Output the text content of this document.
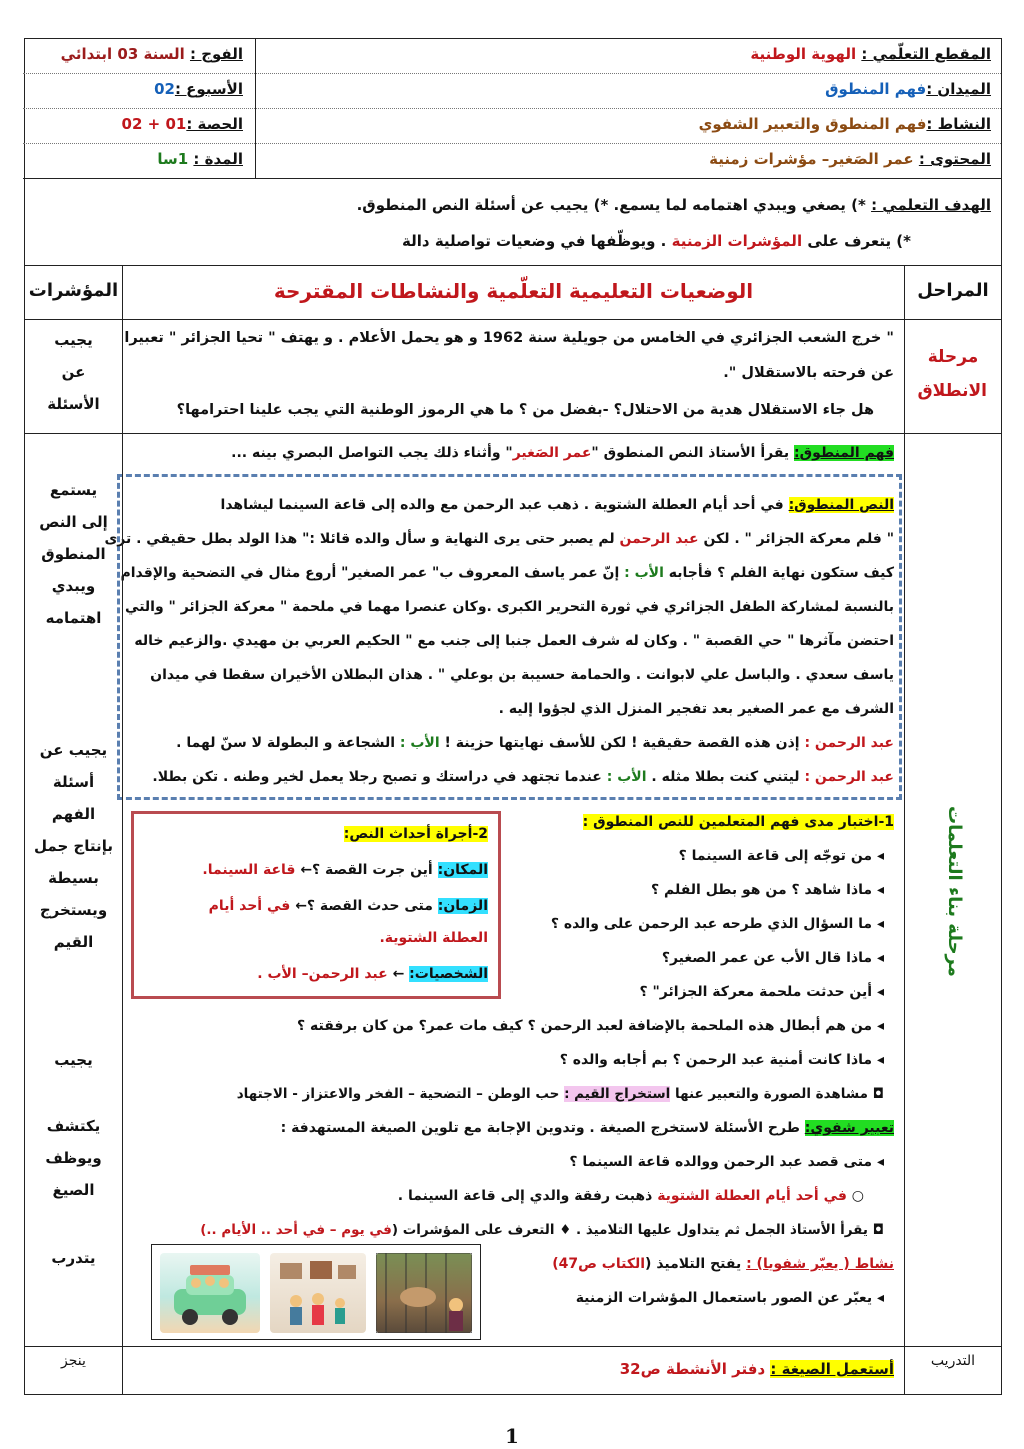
المقطع التعلّمي : الهوية الوطنية
الفوج : السنة 03 ابتدائي
الميدان :فهم المنطوق
الأسبوع :02
النشاط :فهم المنطوق والتعبير الشفوي
الحصة :01 + 02
المحتوى : عمر الصَغير– مؤشرات زمنية
المدة : 1سا
الهدف التعلمي : *) يصغي ويبدي اهتمامه لما يسمع. *) يجيب عن أسئلة النص المنطوق.
*) يتعرف على المؤشرات الزمنية . ويوظّفها في وضعيات تواصلية دالة
المراحل
الوضعيات التعليمية التعلّمية والنشاطات المقترحة
المؤشرات
مرحلة الانطلاق
" خرج الشعب الجزائري في الخامس من جويلية سنة 1962 و هو يحمل الأعلام . و يهتف " تحيا الجزائر " تعبيرا
عن فرحته بالاستقلال ".
هل جاء الاستقلال هدية من الاحتلال؟ -بفضل من ؟ ما هي الرموز الوطنية التي يجب علينا احترامها؟
يجيب عن الأسئلة
مرحلة بناء التعلمات
فهم المنطوق: يقرأ الأستاذ النص المنطوق "عمر الصَغير" وأثناء ذلك يجب التواصل البصري بينه ...
النص المنطوق: في أحد أيام العطلة الشتوية . ذهب عبد الرحمن مع والده إلى قاعة السينما ليشاهدا
" فلم معركة الجزائر " . لكن عبد الرحمن لم يصبر حتى يرى النهاية و سأل والده قائلا :" هذا الولد بطل حقيقي . ترى
كيف ستكون نهاية الفلم ؟ فأجابه الأب : إنّ عمر ياسف المعروف ب" عمر الصغير" أروع مثال في التضحية والإقدام
بالنسبة لمشاركة الطفل الجزائري في ثورة التحرير الكبرى .وكان عنصرا مهما في ملحمة " معركة الجزائر " والتي
احتضن مآثرها " حي القصبة " . وكان له شرف العمل جنبا إلى جنب مع " الحكيم العربي بن مهيدي .والزعيم خاله
ياسف سعدي . والباسل علي لابوانت . والحمامة حسيبة بن بوعلي " . هذان البطلان الأخيران سقطا في ميدان
الشرف مع عمر الصغير بعد تفجير المنزل الذي لجؤوا إليه .
عبد الرحمن : إذن هذه القصة حقيقية ! لكن للأسف نهايتها حزينة ! الأب : الشجاعة و البطولة لا سنّ لهما .
عبد الرحمن : ليتني كنت بطلا مثله . الأب : عندما تجتهد في دراستك و تصبح رجلا يعمل لخير وطنه . تكن بطلا.
1-اختبار مدى فهم المتعلمين للنص المنطوق :
◂ من توجّه إلى قاعة السينما ؟
◂ ماذا شاهد ؟ من هو بطل الفلم ؟
◂ ما السؤال الذي طرحه عبد الرحمن على والده ؟
◂ ماذا قال الأب عن عمر الصغير؟
◂ أين حدثت ملحمة معركة الجزائر" ؟
◂ من هم أبطال هذه الملحمة بالإضافة لعبد الرحمن ؟ كيف مات عمر؟ من كان برفقته ؟
◂ ماذا كانت أمنية عبد الرحمن ؟ بم أجابه والده ؟
◘ مشاهدة الصورة والتعبير عنها استخراج القيم : حب الوطن – التضحية – الفخر والاعتزاز - الاجتهاد
تعبير شفوي: طرح الأسئلة لاستخرج الصيغة . وتدوين الإجابة مع تلوين الصيغة المستهدفة :
◂ متى قصد عبد الرحمن ووالده قاعة السينما ؟
○ في أحد أيام العطلة الشتوية ذهبت رفقة والدي إلى قاعة السينما .
◘ يقرأ الأستاذ الجمل ثم يتداول عليها التلاميذ . ♦ التعرف على المؤشرات (في يوم – في أحد .. الأيام ..)
نشاط ( يعبّر شفويا) : يفتح التلاميذ (الكتاب ص47)
◂ يعبّر عن الصور باستعمال المؤشرات الزمنية
2-أجراة أحداث النص:
المكان: أين جرت القصة ؟← قاعة السينما.
الزمان: متى حدث القصة ؟← في أحد أيام
العطلة الشتوية.
الشخصيات: ← عبد الرحمن– الأب .
يستمع إلى النص المنطوق ويبدي اهتمامه
يجيب عن أسئلة الفهم بإنتاج جمل بسيطة ويستخرج القيم
يجيب
يكتشف ويوظف الصيغ
يتدرب
التدريب
أستعمل الصيغة : دفتر الأنشطة ص32
ينجز
1
